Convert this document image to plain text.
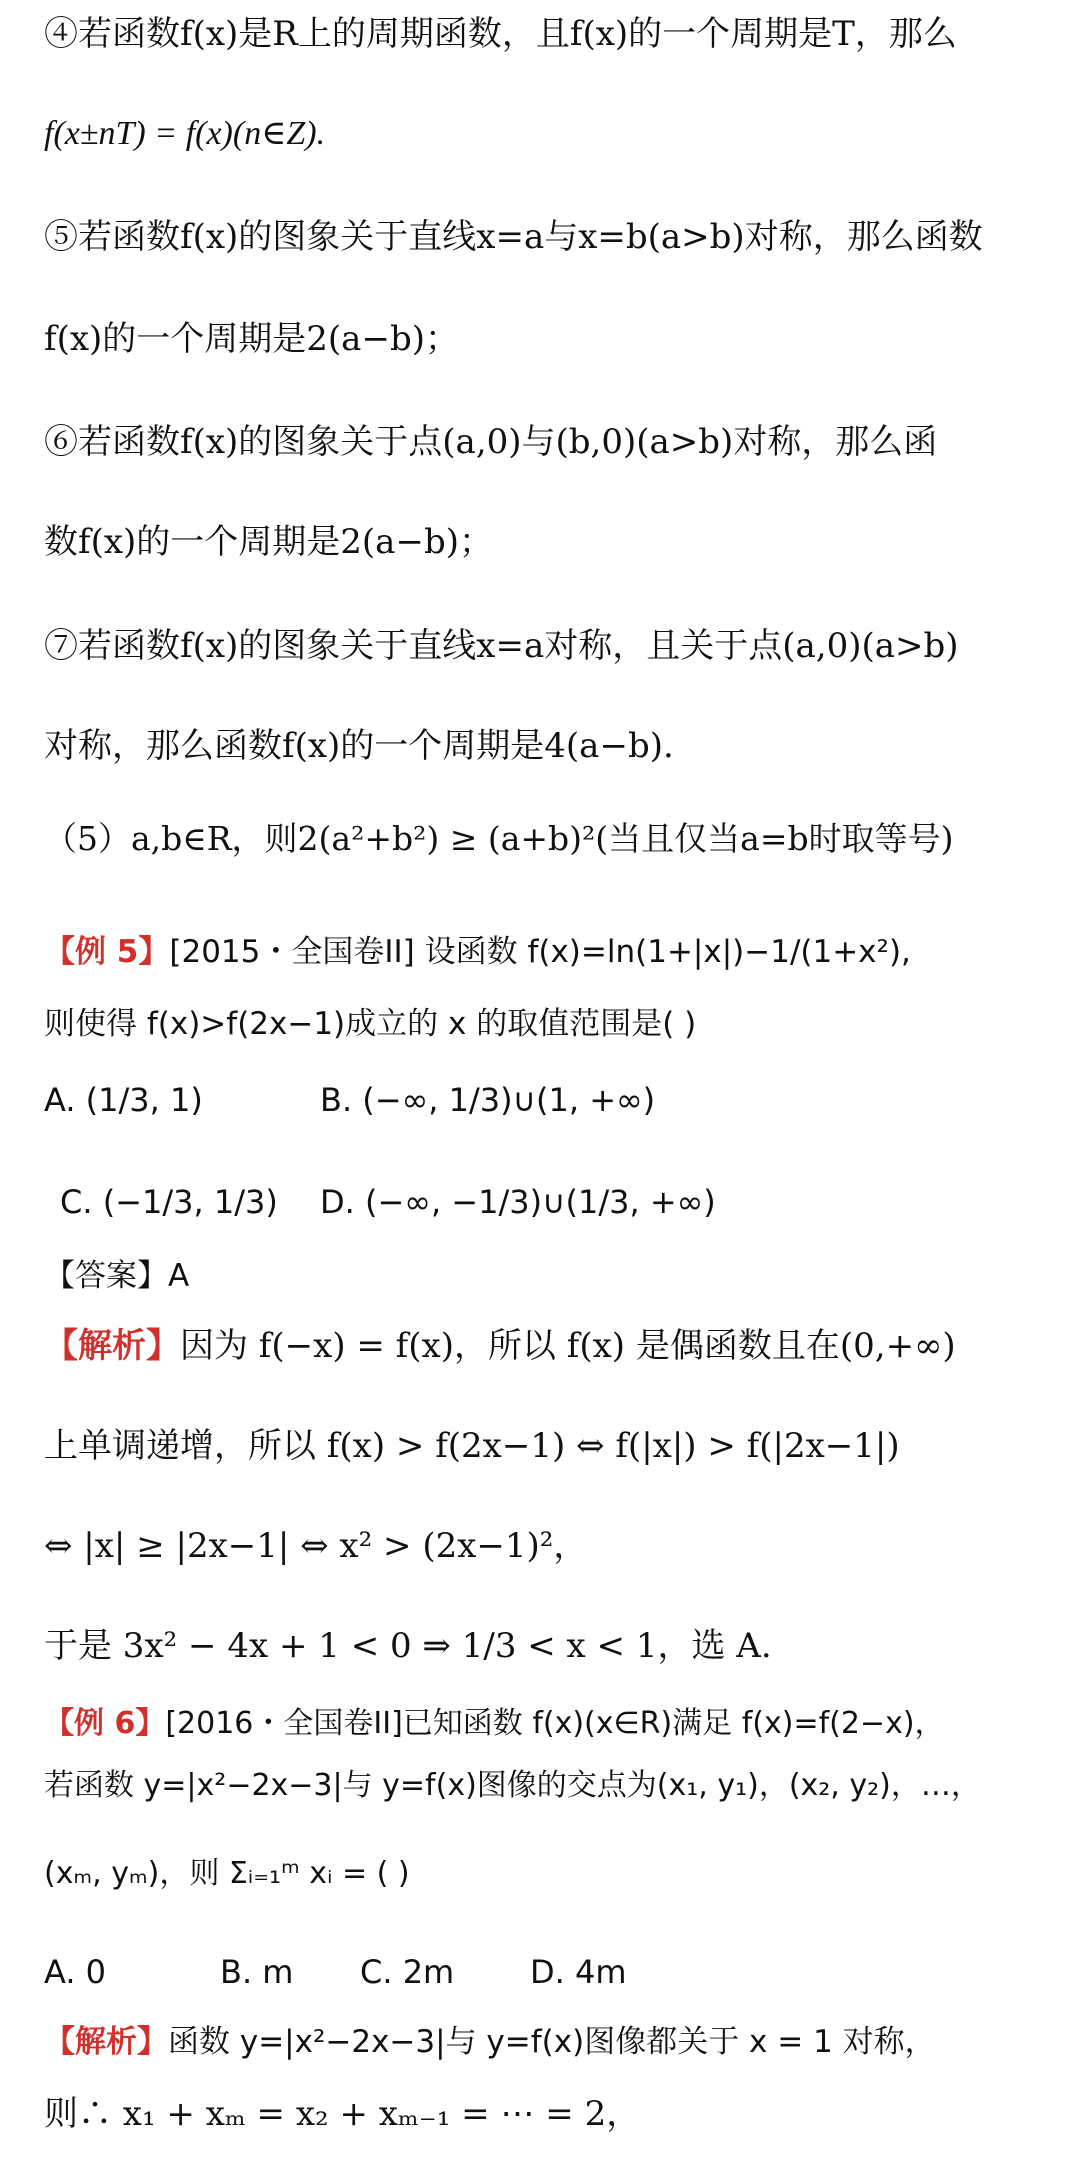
④若函数f(x)是R上的周期函数，且f(x)的一个周期是T，那么
f(x±nT) = f(x)(n∈Z).
⑤若函数f(x)的图象关于直线x=a与x=b(a>b)对称，那么函数
f(x)的一个周期是2(a−b)；
⑥若函数f(x)的图象关于点(a,0)与(b,0)(a>b)对称，那么函
数f(x)的一个周期是2(a−b)；
⑦若函数f(x)的图象关于直线x=a对称，且关于点(a,0)(a>b)
对称，那么函数f(x)的一个周期是4(a−b).
（5）a,b∈R，则2(a²+b²) ≥ (a+b)²(当且仅当a=b时取等号)
【例 5】[2015・全国卷II] 设函数 f(x)=ln(1+|x|)−1/(1+x²),
则使得 f(x)>f(2x−1)成立的 x 的取值范围是( )
A. (1/3, 1)	B. (−∞, 1/3)∪(1, +∞)
C. (−1/3, 1/3) D. (−∞, −1/3)∪(1/3, +∞)
【答案】A
【解析】因为 f(−x) = f(x)，所以 f(x) 是偶函数且在(0,+∞)
上单调递增，所以 f(x) > f(2x−1) ⇔ f(|x|) > f(|2x−1|)
⇔ |x| ≥ |2x−1| ⇔ x² > (2x−1)²，
于是 3x² − 4x + 1 < 0 ⇒ 1/3 < x < 1，选 A.
【例 6】[2016・全国卷II]已知函数 f(x)(x∈R)满足 f(x)=f(2−x)，
若函数 y=|x²−2x−3|与 y=f(x)图像的交点为(x₁, y₁)，(x₂, y₂)，…，
(xₘ, yₘ)，则 Σᵢ₌₁ᵐ xᵢ = ( )
A. 0	B. m C. 2m D. 4m
【解析】函数 y=|x²−2x−3|与 y=f(x)图像都关于 x = 1 对称，
则∴ x₁ + xₘ = x₂ + xₘ₋₁ = ⋯ = 2，
